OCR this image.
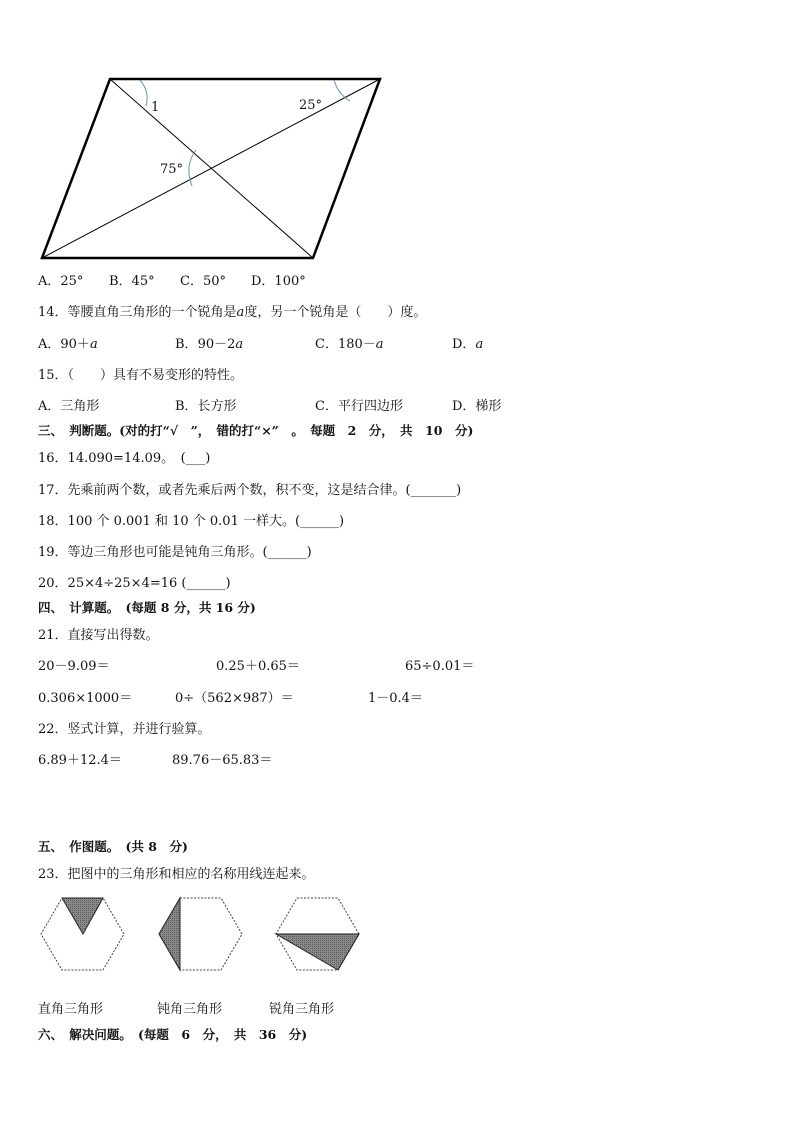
1	25°
75°
A．25° B．45° C．50° D．100°
14．等腰直角三角形的一个锐角是a度，另一个锐角是（　　）度。
A．90＋a	B．90－2a	C．180－a	D．a
15．（　　）具有不易变形的特性。
A．三角形	B．长方形	C．平行四边形	D．梯形
三、　判断题。(对的打“√　”，　错的打“×”　。　每题　2　分，　共　10　分)
16．14.090=14.09。　(___)
17．先乘前两个数，或者先乘后两个数，积不变，这是结合律。(_______)
18．100 个 0.001 和 10 个 0.01 一样大。(______)
19．等边三角形也可能是钝角三角形。(______)
20．25×4÷25×4=16 (______)
四、　计算题。　(每题 8 分，共 16 分)
21．直接写出得数。
20－9.09＝	0.25＋0.65＝	65÷0.01＝
0.306×1000＝	0÷（562×987）＝	1－0.4＝
22．竖式计算，并进行验算。
6.89＋12.4＝	89.76－65.83＝
五、　作图题。　(共 8　分)
23．把图中的三角形和相应的名称用线连起来。
直角三角形	钝角三角形	锐角三角形
六、　解决问题。　(每题　6　分，　共　36　分)
